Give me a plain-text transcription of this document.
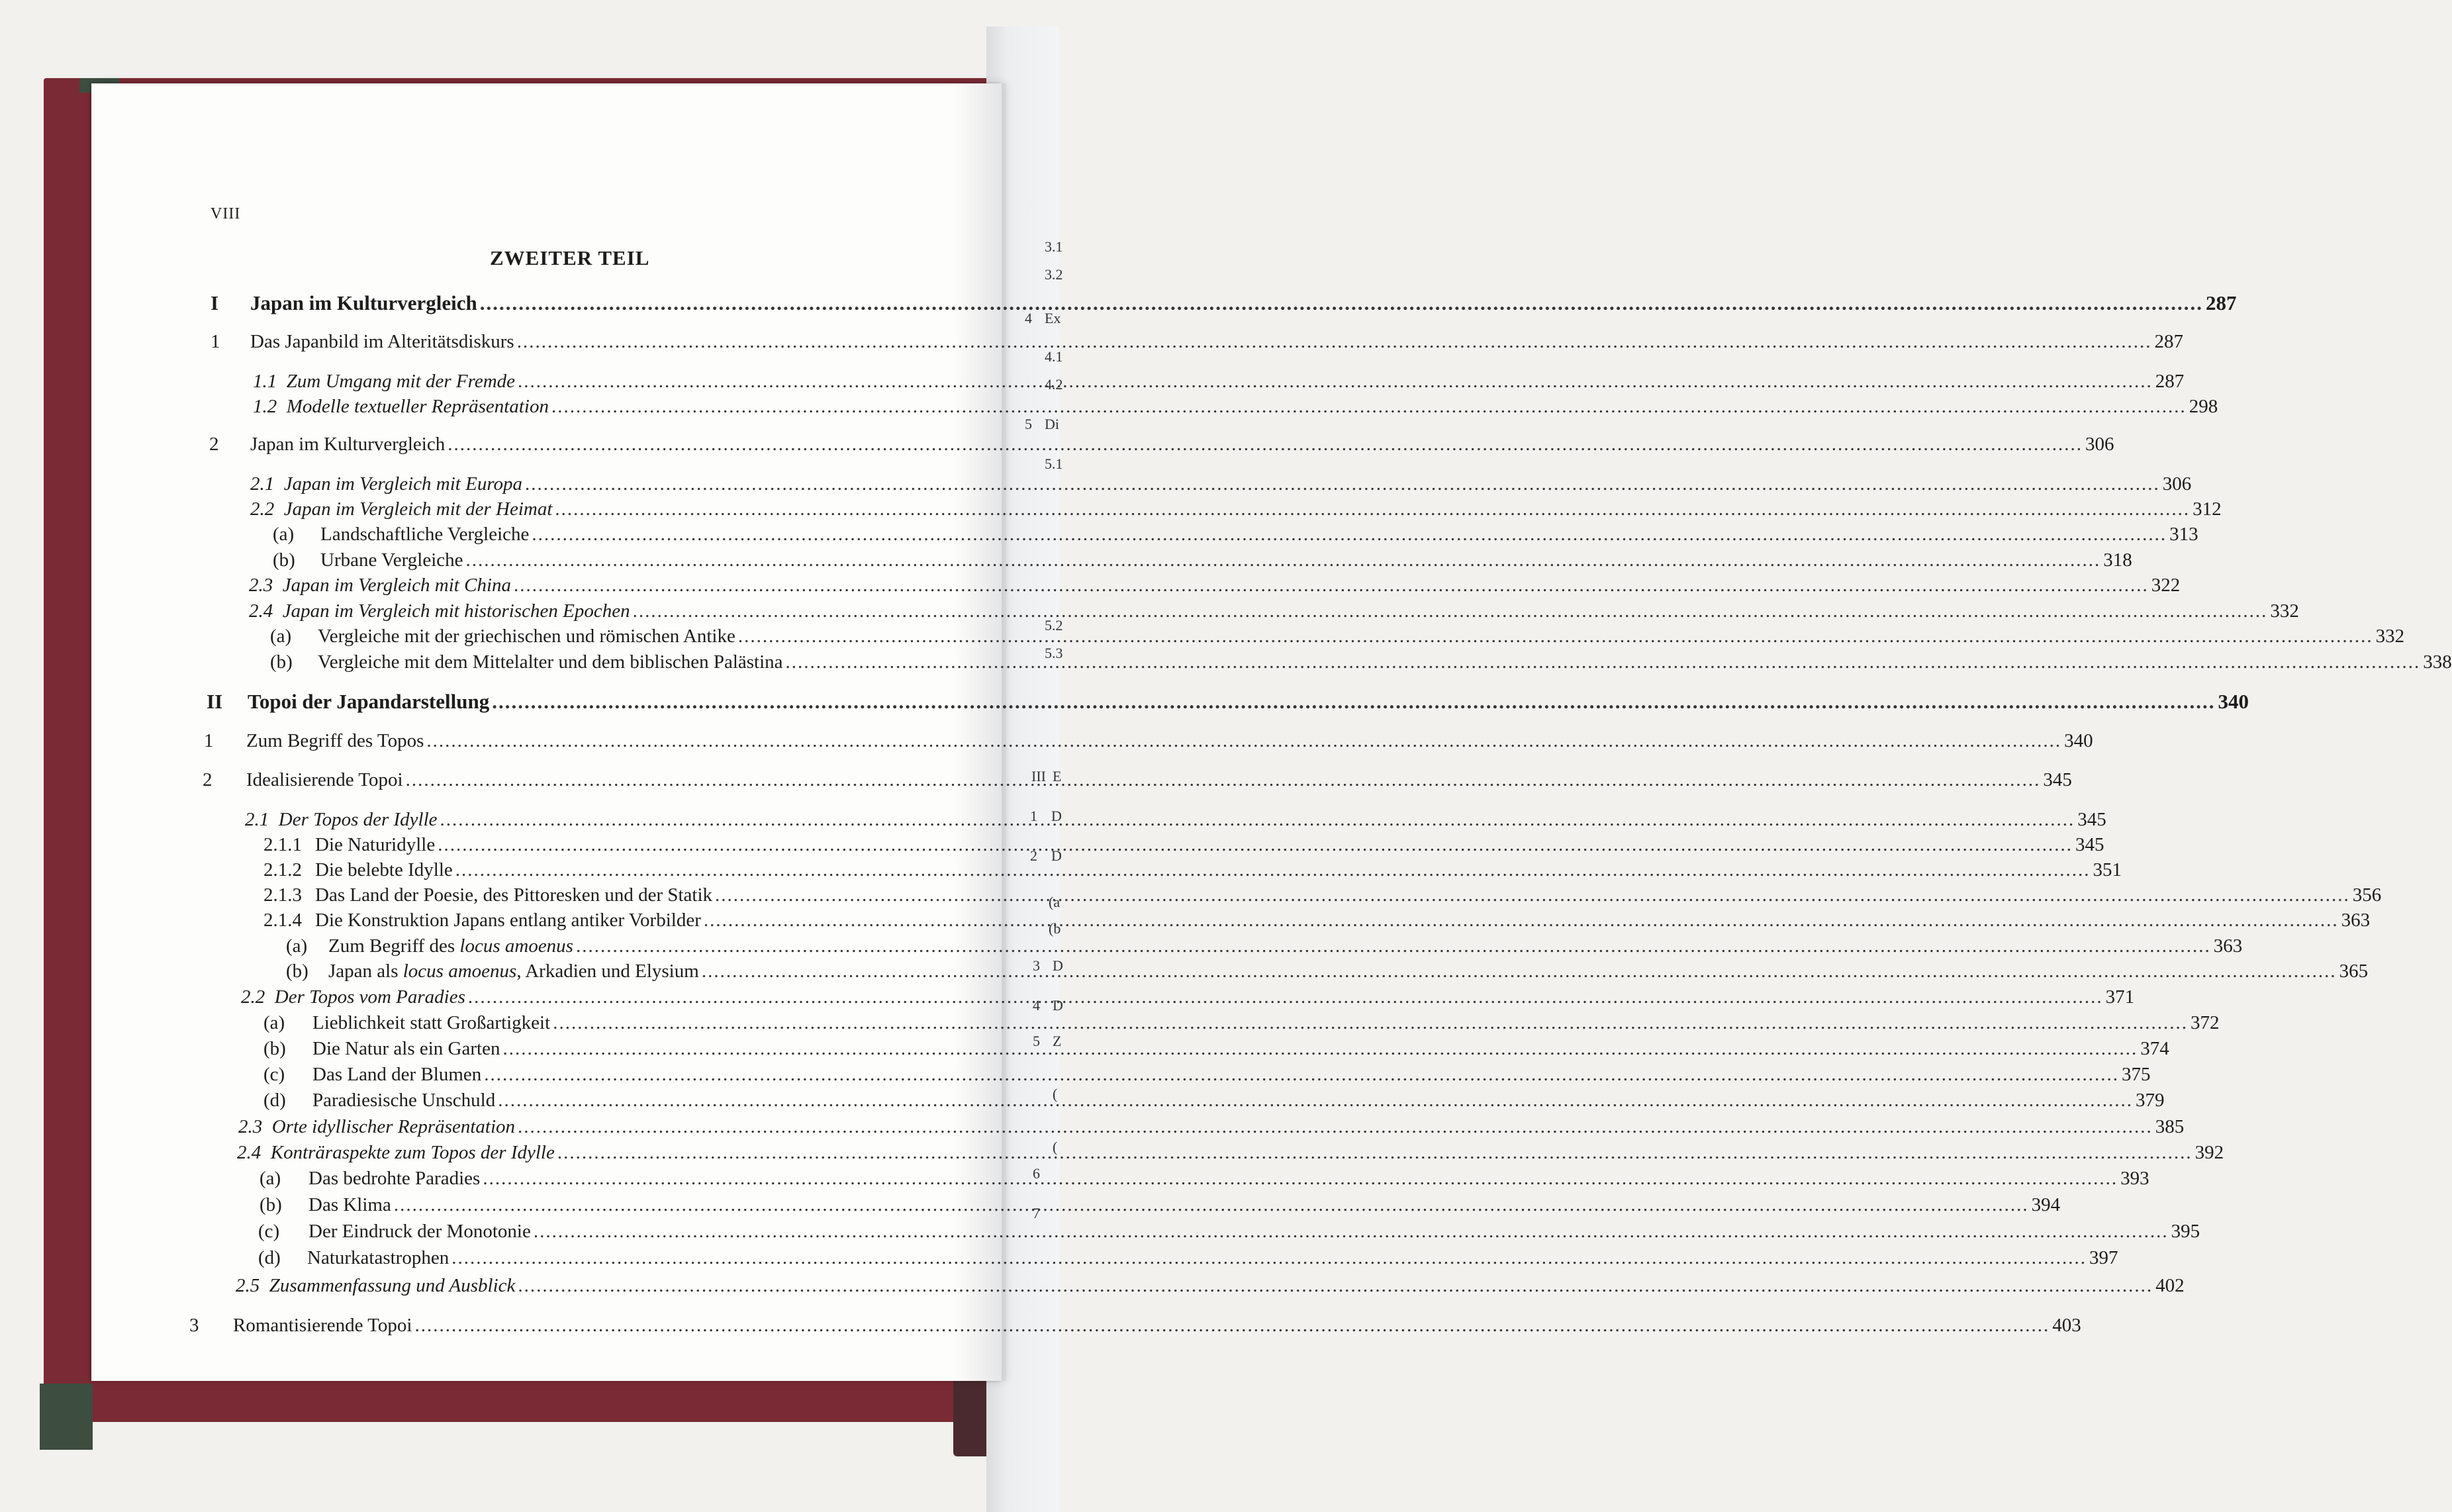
3.1
3.2
4 Ex
4.1
4.2
5 Di
5.1
5.2
5.3
III E
1 D
2 D
(a
(b
3 D
4 D
5 Z
(
(
6
7
VIII
ZWEITER TEIL
I Japan im Kulturvergleich .....	287
1 Das Japanbild im Alteritätsdiskurs .....	287
1.1  Zum Umgang mit der Fremde .....	287
1.2  Modelle textueller Repräsentation .....	298
2 Japan im Kulturvergleich .....	306
2.1  Japan im Vergleich mit Europa .....	306
2.2  Japan im Vergleich mit der Heimat .....	312
(a) Landschaftliche Vergleiche .....	313
(b) Urbane Vergleiche .....	318
2.3  Japan im Vergleich mit China .....	322
2.4  Japan im Vergleich mit historischen Epochen .....	332
(a) Vergleiche mit der griechischen und römischen Antike .....	332
(b) Vergleiche mit dem Mittelalter und dem biblischen Palästina .....	338
II Topoi der Japandarstellung .....	340
1 Zum Begriff des Topos .....	340
2 Idealisierende Topoi .....	345
2.1  Der Topos der Idylle .....	345
2.1.1 Die Naturidylle .....	345
2.1.2 Die belebte Idylle .....	351
2.1.3 Das Land der Poesie, des Pittoresken und der Statik .....	356
2.1.4 Die Konstruktion Japans entlang antiker Vorbilder .....	363
(a) Zum Begriff des locus amoenus .....	363
(b) Japan als locus amoenus, Arkadien und Elysium .....	365
2.2  Der Topos vom Paradies .....	371
(a) Lieblichkeit statt Großartigkeit .....	372
(b) Die Natur als ein Garten .....	374
(c) Das Land der Blumen .....	375
(d) Paradiesische Unschuld .....	379
2.3  Orte idyllischer Repräsentation .....	385
2.4  Konträraspekte zum Topos der Idylle .....	392
(a) Das bedrohte Paradies .....	393
(b) Das Klima .....	394
(c) Der Eindruck der Monotonie .....	395
(d) Naturkatastrophen .....	397
2.5  Zusammenfassung und Ausblick .....	402
3 Romantisierende Topoi .....	403
